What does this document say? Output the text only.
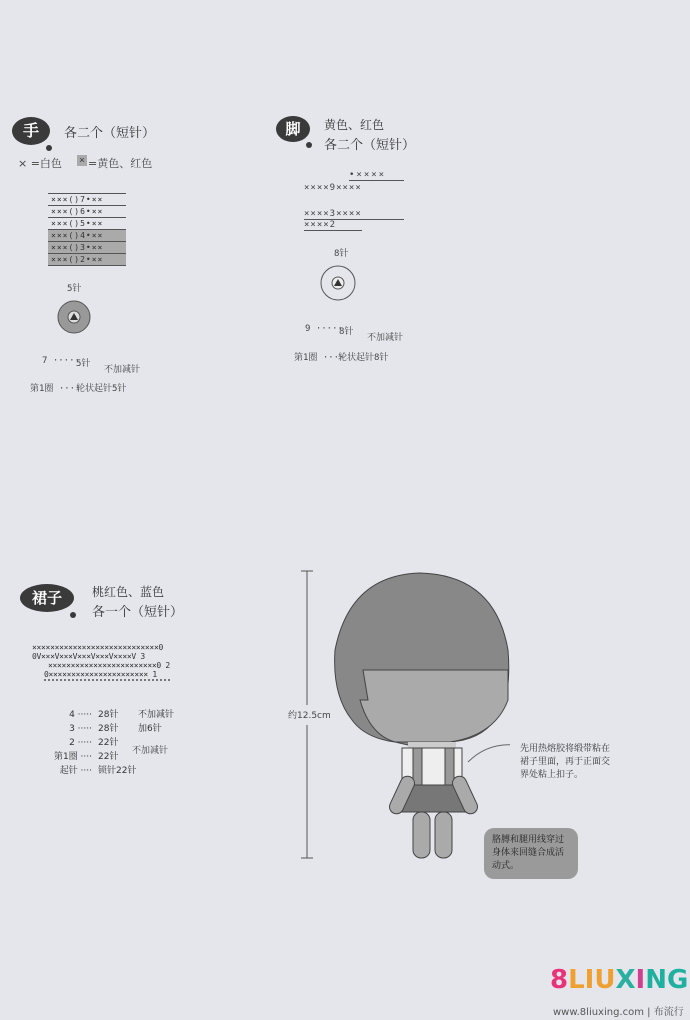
手	各二个（短针）
× =白色 × =黄色、红色
×××()7•××
×××()6•××
×××()5•××
×××()4•××
×××()3•××
×××()2•××
5针
7 ·····
5针
不加减针
第1圈 ····
轮状起针5针
脚	黄色、红色
各二个（短针）
•××××
××××9××××
××××3××××
××××2
8针
9 ·····
8针
不加减针
第1圈 ····
轮状起针8针
裙子	桃红色、蓝色
各一个（短针）
××××××××××××××××××××××××××××0
0V×××V×××V×××V×××V××××V 3
××××××××××××××××××××××××0 2
0×××××××××××××××××××××× 1
4 ····· 28针	不加减针
3 ····· 28针	加6针
2 ····· 22针
第1圈 ···· 22针
起针 ···· 锁针22针
不加减针
约12.5cm
先用热熔胶将缎带粘在裙子里面，再于正面交界处粘上扣子。
胳膊和腿用线穿过身体来回缝合成活动式。
8LIUXING
www.8liuxing.com | 布流行
